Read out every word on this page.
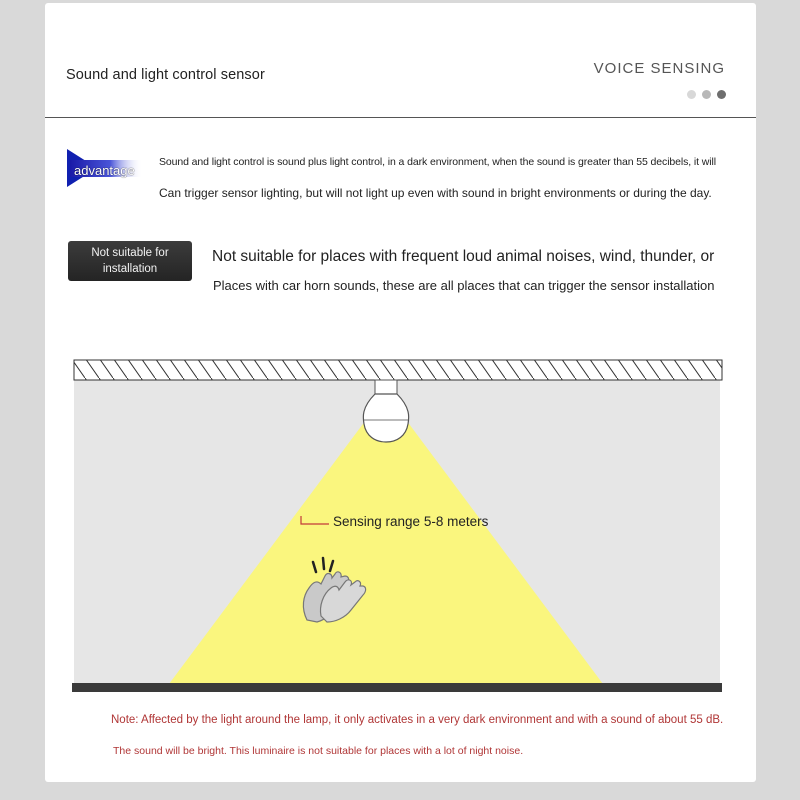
Sound and light control sensor	VOICE SENSING
advantage
Sound and light control is sound plus light control, in a dark environment, when the sound is greater than 55 decibels, it will
Can trigger sensor lighting, but will not light up even with sound in bright environments or during the day.
Not suitable for
installation
Not suitable for places with frequent loud animal noises, wind, thunder, or
Places with car horn sounds, these are all places that can trigger the sensor installation
Sensing range 5-8 meters
Note: Affected by the light around the lamp, it only activates in a very dark environment and with a sound of about 55 dB.
The sound will be bright. This luminaire is not suitable for places with a lot of night noise.
